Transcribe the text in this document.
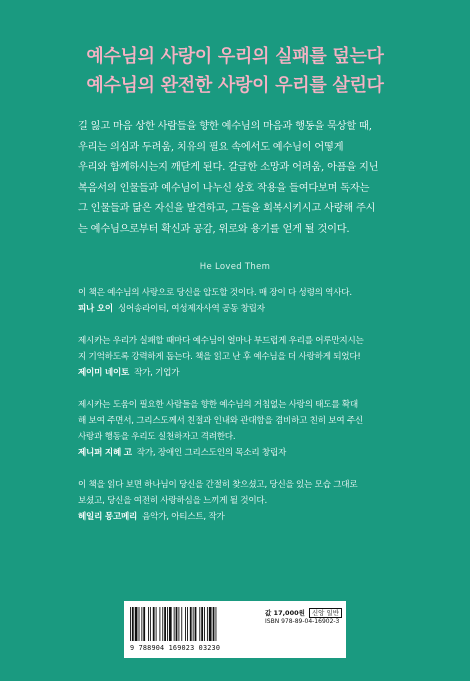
예수님의 사랑이 우리의 실패를 덮는다
예수님의 완전한 사랑이 우리를 살린다
길 잃고 마음 상한 사람들을 향한 예수님의 마음과 행동을 묵상할 때,
우리는 의심과 두려움, 치유의 필요 속에서도 예수님이 어떻게
우리와 함께하시는지 깨닫게 된다. 갈급한 소망과 어려움, 아픔을 지닌
복음서의 인물들과 예수님이 나누신 상호 작용을 들여다보며 독자는
그 인물들과 닮은 자신을 발견하고, 그들을 회복시키시고 사랑해 주시
는 예수님으로부터 확신과 공감, 위로와 용기를 얻게 될 것이다.
He Loved Them
이 책은 예수님의 사랑으로 당신을 압도할 것이다. 매 장이 다 성령의 역사다.
피나 오이 싱어송라이터, 여성제자사역 공동 창립자
제시카는 우리가 실패할 때마다 예수님이 얼마나 부드럽게 우리를 어루만지시는
지 기억하도록 강력하게 돕는다. 책을 읽고 난 후 예수님을 더 사랑하게 되었다!
제이미 네이토 작가, 기업가
제시카는 도움이 필요한 사람들을 향한 예수님의 거침없는 사랑의 태도를 확대
해 보여 주면서, 그리스도께서 친절과 인내와 관대함을 겸비하고 친히 보여 주신
사랑과 행동을 우리도 실천하자고 격려한다.
제니퍼 지혜 고 작가, 장애인 그리스도인의 목소리 창립자
이 책을 읽다 보면 하나님이 당신을 간절히 찾으셨고, 당신을 있는 모습 그대로
보셨고, 당신을 여전히 사랑하심을 느끼게 될 것이다.
헤일리 몽고메리 음악가, 아티스트, 작가
9 788904 169023 03230
값 17,000원 신앙 일반
ISBN 978-89-04-16902-3
